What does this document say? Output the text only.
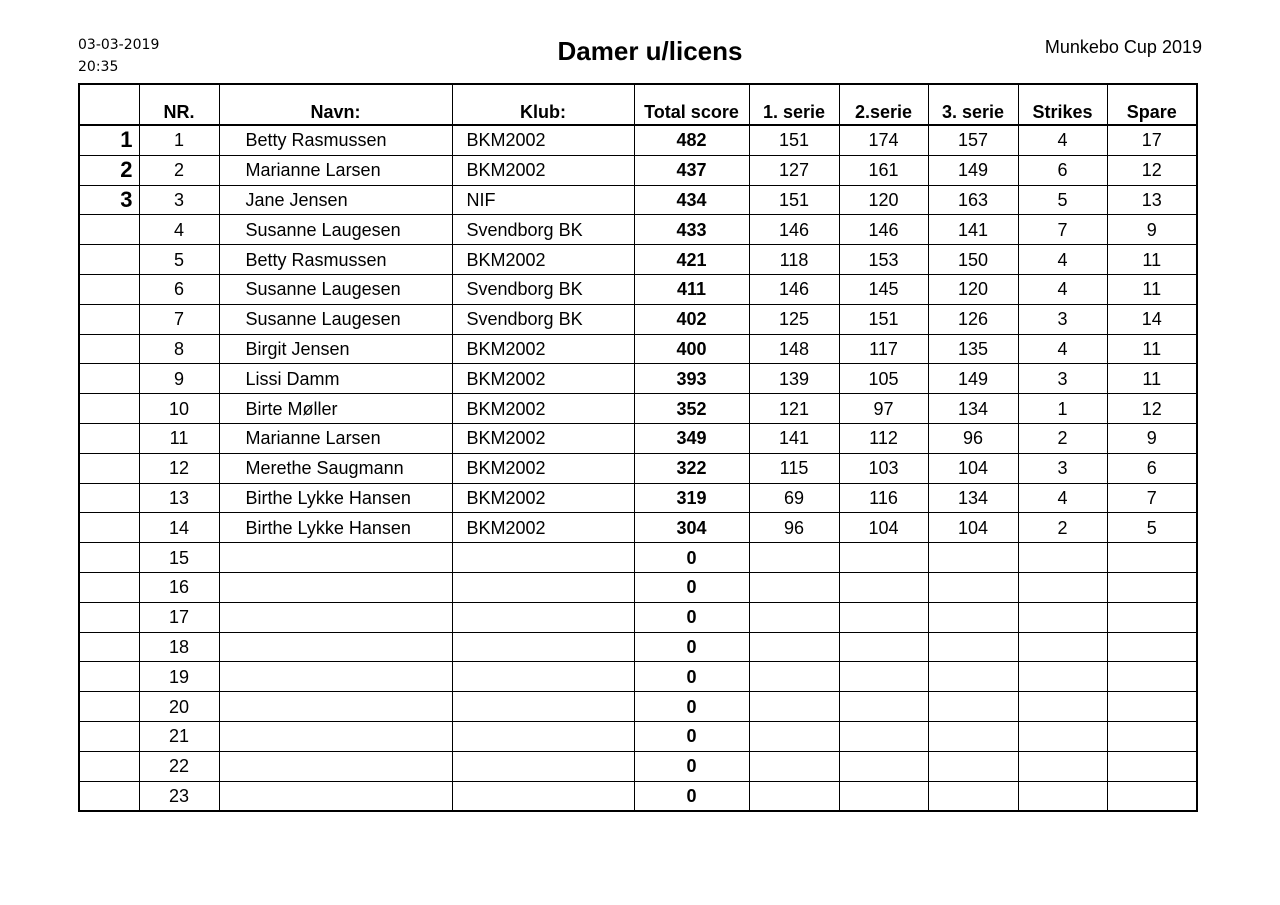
03-03-2019
20:35
Damer u/licens	Munkebo Cup 2019
	NR.	Navn:	Klub:	Total score	1. serie	2.serie	3. serie	Strikes	Spare
1	1	Betty Rasmussen	BKM2002	482	151	174	157	4	17
2	2	Marianne Larsen	BKM2002	437	127	161	149	6	12
3	3	Jane Jensen	NIF	434	151	120	163	5	13
	4	Susanne Laugesen	Svendborg BK	433	146	146	141	7	9
	5	Betty Rasmussen	BKM2002	421	118	153	150	4	11
	6	Susanne Laugesen	Svendborg BK	411	146	145	120	4	11
	7	Susanne Laugesen	Svendborg BK	402	125	151	126	3	14
	8	Birgit Jensen	BKM2002	400	148	117	135	4	11
	9	Lissi Damm	BKM2002	393	139	105	149	3	11
	10	Birte Møller	BKM2002	352	121	97	134	1	12
	11	Marianne Larsen	BKM2002	349	141	112	96	2	9
	12	Merethe Saugmann	BKM2002	322	115	103	104	3	6
	13	Birthe Lykke Hansen	BKM2002	319	69	116	134	4	7
	14	Birthe Lykke Hansen	BKM2002	304	96	104	104	2	5
	15			0					
	16			0					
	17			0					
	18			0					
	19			0					
	20			0					
	21			0					
	22			0					
	23			0					
